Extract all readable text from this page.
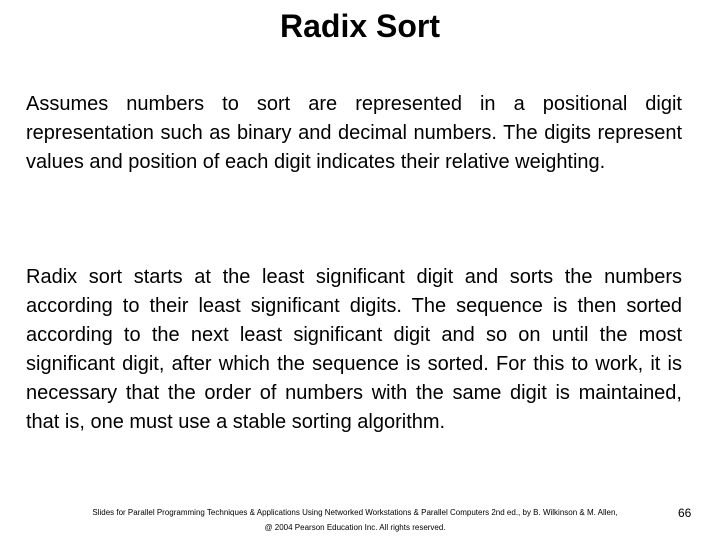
Radix Sort
Assumes numbers to sort are represented in a positional digit representation such as binary and decimal numbers. The digits represent values and position of each digit indicates their relative weighting.
Radix sort starts at the least significant digit and sorts the numbers according to their least significant digits. The sequence is then sorted according to the next least significant digit and so on until the most significant digit, after which the sequence is sorted. For this to work, it is necessary that the order of numbers with the same digit is maintained, that is, one must use a stable sorting algorithm.
Slides for Parallel Programming Techniques & Applications Using Networked Workstations & Parallel Computers 2nd ed., by B. Wilkinson & M. Allen,
@ 2004 Pearson Education Inc. All rights reserved.
66
